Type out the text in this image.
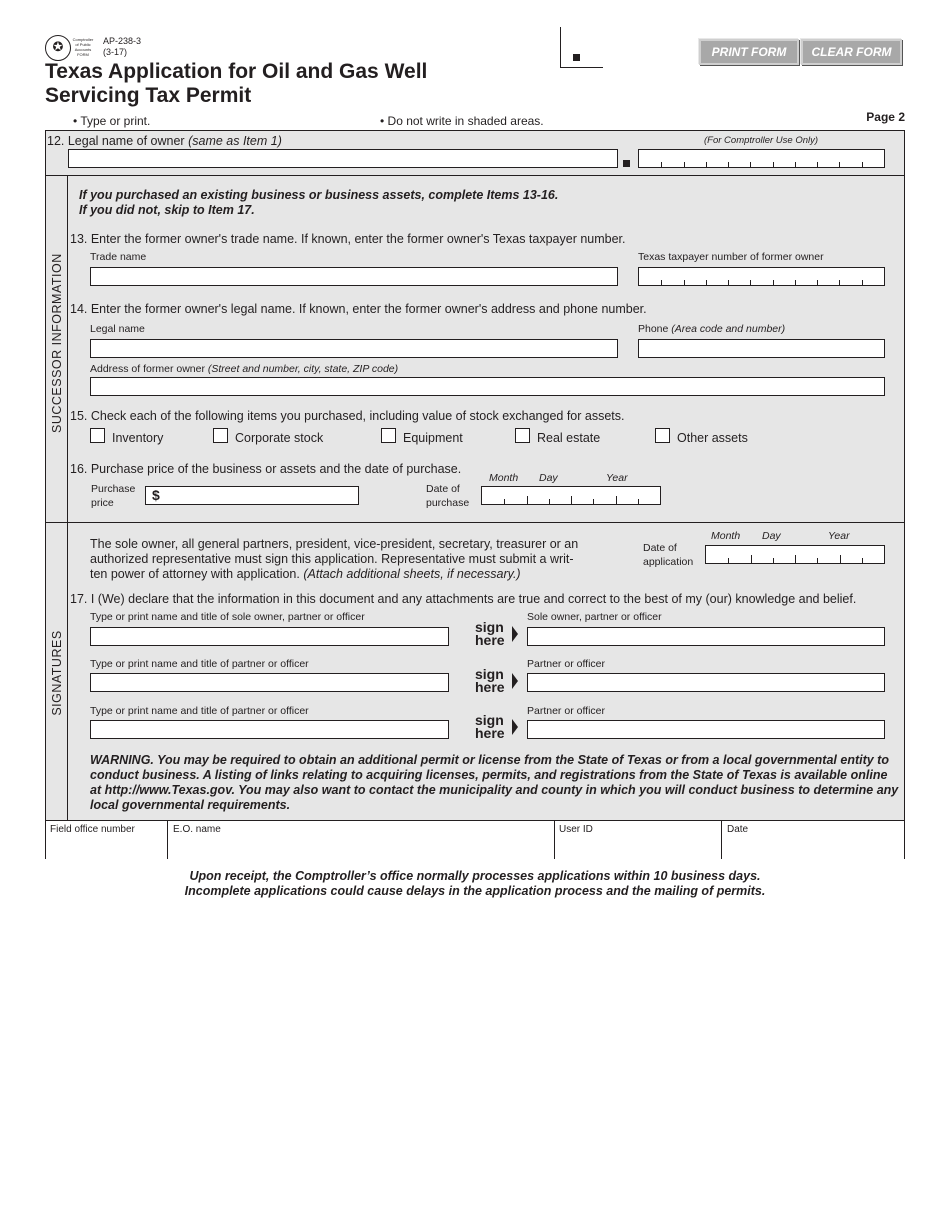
✪	Comptroller of Public Accounts FORM
AP-238-3
(3-17)
Texas Application for Oil and Gas Well
Servicing Tax Permit
PRINT FORM	CLEAR FORM
• Type or print.	• Do not write in shaded areas.	Page 2
12. Legal name of owner (same as Item 1)	(For Comptroller Use Only)
SUCCESSOR INFORMATION
If you purchased an existing business or business assets, complete Items 13-16.
If you did not, skip to Item 17.
13. Enter the former owner's trade name. If known, enter the former owner's Texas taxpayer number.
Trade name	Texas taxpayer number of former owner
14. Enter the former owner's legal name. If known, enter the former owner's address and phone number.
Legal name	Phone (Area code and number)
Address of former owner (Street and number, city, state, ZIP code)
15. Check each of the following items you purchased, including value of stock exchanged for assets.
Inventory	Corporate stock	Equipment	Real estate	Other assets
16. Purchase price of the business or assets and the date of purchase.
Month Day	Year
Purchase
price	$	Date of
purchase
SIGNATURES
The sole owner, all general partners, president, vice-president, secretary, treasurer or an
authorized representative must sign this application. Representative must submit a writ-
ten power of attorney with application. (Attach additional sheets, if necessary.)
Month Day	Year
Date of
application
17. I (We) declare that the information in this document and any attachments are true and correct to the best of my (our) knowledge and belief.
Type or print name and title of sole owner, partner or officer	Sole owner, partner or officer
sign
here
Type or print name and title of partner or officer	Partner or officer
sign
here
Type or print name and title of partner or officer	Partner or officer
sign
here
WARNING. You may be required to obtain an additional permit or license from the State of Texas or from a local governmental entity to
conduct business. A listing of links relating to acquiring licenses, permits, and registrations from the State of Texas is available online
at http://www.Texas.gov. You may also want to contact the municipality and county in which you will conduct business to determine any
local governmental requirements.
Field office number	E.O. name	User ID	Date
Upon receipt, the Comptroller’s office normally processes applications within 10 business days.
Incomplete applications could cause delays in the application process and the mailing of permits.
